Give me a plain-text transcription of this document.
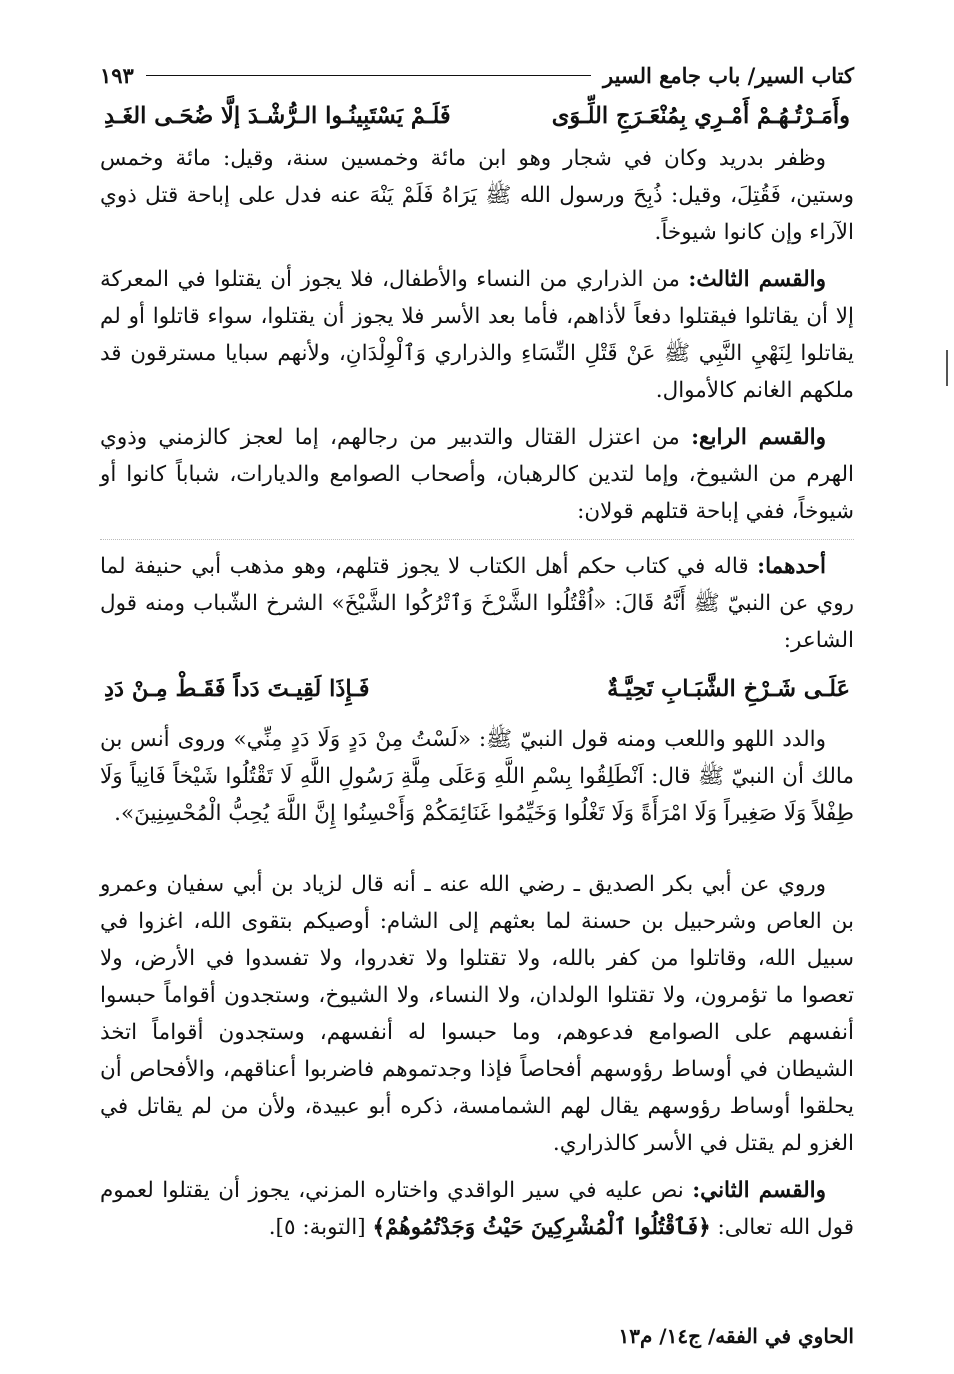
كتاب السير/ باب جامع السير
١٩٣
وأَمَـرْتُـهُـمْ أَمْـرِي بِمُنْعَـرَجِ اللِّـوَى
فَلَـمْ يَسْتَبِينُـوا الـرُّشْـدَ إلَّا ضُحَـى الغَـدِ

وظفر بدريد وكان في شجار وهو ابن مائة وخمسين سنة، وقيل: مائة وخمس وستين، فَقُتِلَ، وقيل: ذُبِحَ ورسول الله ﷺ يَرَاهُ فَلَمْ يَنْهَ عنه فدل على إباحة قتل ذوي الآراء وإن كانوا شيوخاً.

والقسم الثالث: من الذراري من النساء والأطفال، فلا يجوز أن يقتلوا في المعركة إلا أن يقاتلوا فيقتلوا دفعاً لأذاهم، فأما بعد الأسر فلا يجوز أن يقتلوا، سواء قاتلوا أو لم يقاتلوا لِنَهْيِ النَّبِي ﷺ عَنْ قَتْلِ النِّسَاءِ والذراري وَٱلْوِلْدَانِ، ولأنهم سبايا مسترقون قد ملكهم الغانم كالأموال.

والقسم الرابع: من اعتزل القتال والتدبير من رجالهم، إما لعجز كالزمني وذوي الهرم من الشيوخ، وإما لتدين كالرهبان، وأصحاب الصوامع والديارات، شباباً كانوا أو شيوخاً، ففي إباحة قتلهم قولان:

أحدهما: قاله في كتاب حكم أهل الكتاب لا يجوز قتلهم، وهو مذهب أبي حنيفة لما روي عن النبيّ ﷺ أَنَّهُ قَالَ: «اُقْتُلُوا الشَّرْخَ وَٱتْرُكُوا الشَّيْخَ» الشرخ الشّباب ومنه قول الشاعر:

عَلَـى شَـرْخِ الشَّبَـابِ تَحِيَّـةٌ
فَـإِذَا لَقِيـتَ دَداً فَقَـطْ مِـنْ دَدِ

والدد اللهو واللعب ومنه قول النبيّ ﷺ: «لَسْتُ مِنْ دَدٍ وَلَا دَدٍ مِنِّي» وروى أنس بن مالك أن النبيّ ﷺ قال: اَنْطَلِقُوا بِسْمِ اللَّهِ وَعَلَى مِلَّةِ رَسُولِ اللَّهِ لَا تَقْتُلُوا شَيْخاً فَانِياً وَلَا طِفْلاً وَلَا صَغِيراً وَلَا امْرَأَةً وَلَا تَغْلُوا وَخَيِّمُوا غَنَائِمَكُمْ وَأَحْسِنُوا إِنَّ اللَّهَ يُحِبُّ الْمُحْسِنِينَ».

وروي عن أبي بكر الصديق ـ رضي الله عنه ـ أنه قال لزياد بن أبي سفيان وعمرو بن العاص وشرحبيل بن حسنة لما بعثهم إلى الشام: أوصيكم بتقوى الله، اغزوا في سبيل الله، وقاتلوا من كفر بالله، ولا تقتلوا ولا تغدروا، ولا تفسدوا في الأرض، ولا تعصوا ما تؤمرون، ولا تقتلوا الولدان، ولا النساء، ولا الشيوخ، وستجدون أقواماً حبسوا أنفسهم على الصوامع فدعوهم، وما حبسوا له أنفسهم، وستجدون أقواماً اتخذ الشيطان في أوساط رؤوسهم أفحاصاً فإذا وجدتموهم فاضربوا أعناقهم، والأفحاص أن يحلقوا أوساط رؤوسهم يقال لهم الشمامسة، ذكره أبو عبيدة، ولأن من لم يقاتل في الغزو لم يقتل في الأسر كالذراري.

والقسم الثاني: نص عليه في سير الواقدي واختاره المزني، يجوز أن يقتلوا لعموم قول الله تعالى: ﴿فَٱقْتُلُوا ٱلْمُشْرِكِينَ حَيْثُ وَجَدْتُمُوهُمْ﴾ [التوبة: ٥].

الحاوي في الفقه/ ج١٤/ م١٣
